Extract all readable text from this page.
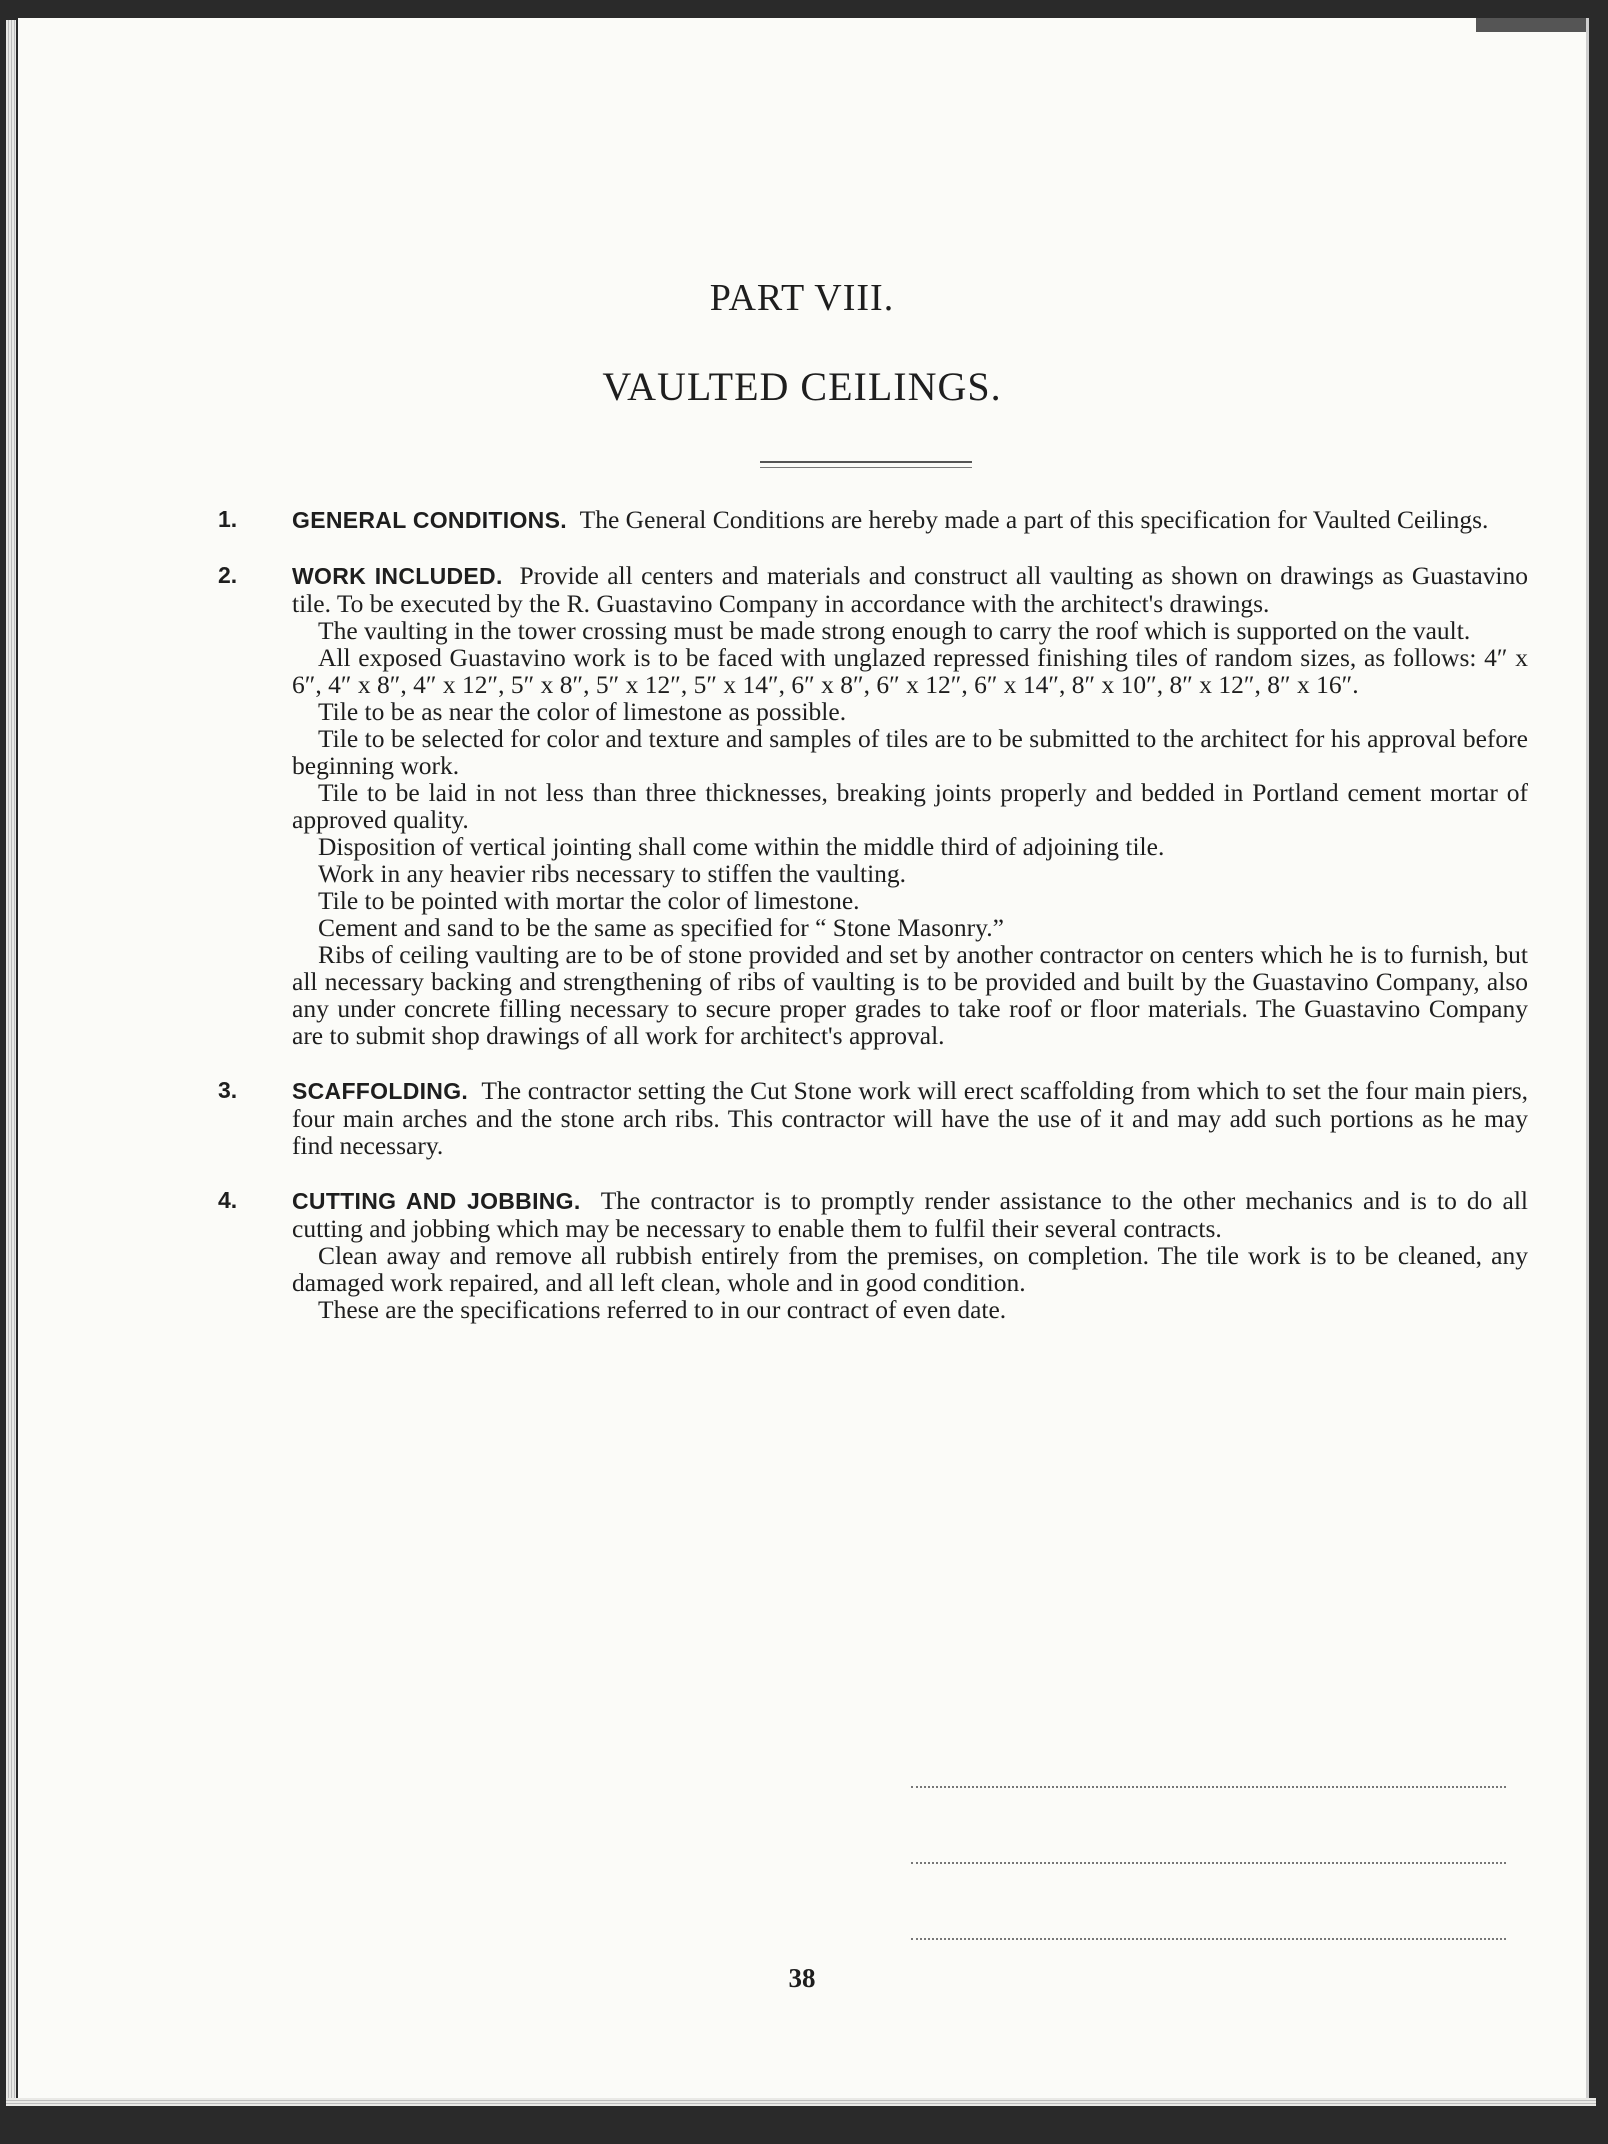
PART VIII.
VAULTED CEILINGS.
1. GENERAL CONDITIONS. The General Conditions are hereby made a part of this specification for Vaulted Ceilings.

2. WORK INCLUDED. Provide all centers and materials and construct all vaulting as shown on drawings as Guastavino tile. To be executed by the R. Guastavino Company in accordance with the architect's drawings.

The vaulting in the tower crossing must be made strong enough to carry the roof which is supported on the vault.

All exposed Guastavino work is to be faced with unglazed repressed finishing tiles of random sizes, as follows: 4″ x 6″, 4″ x 8″, 4″ x 12″, 5″ x 8″, 5″ x 12″, 5″ x 14″, 6″ x 8″, 6″ x 12″, 6″ x 14″, 8″ x 10″, 8″ x 12″, 8″ x 16″.

Tile to be as near the color of limestone as possible.

Tile to be selected for color and texture and samples of tiles are to be submitted to the architect for his approval before beginning work.

Tile to be laid in not less than three thicknesses, breaking joints properly and bedded in Portland cement mortar of approved quality.

Disposition of vertical jointing shall come within the middle third of adjoining tile.

Work in any heavier ribs necessary to stiffen the vaulting.

Tile to be pointed with mortar the color of limestone.

Cement and sand to be the same as specified for “ Stone Masonry.”

Ribs of ceiling vaulting are to be of stone provided and set by another contractor on centers which he is to furnish, but all necessary backing and strengthening of ribs of vaulting is to be provided and built by the Guastavino Company, also any under concrete filling necessary to secure proper grades to take roof or floor materials. The Guastavino Company are to submit shop drawings of all work for architect's approval.

3. SCAFFOLDING. The contractor setting the Cut Stone work will erect scaffolding from which to set the four main piers, four main arches and the stone arch ribs. This contractor will have the use of it and may add such portions as he may find necessary.

4. CUTTING AND JOBBING. The contractor is to promptly render assistance to the other mechanics and is to do all cutting and jobbing which may be necessary to enable them to fulfil their several contracts.

Clean away and remove all rubbish entirely from the premises, on completion. The tile work is to be cleaned, any damaged work repaired, and all left clean, whole and in good condition.

These are the specifications referred to in our contract of even date.

38
